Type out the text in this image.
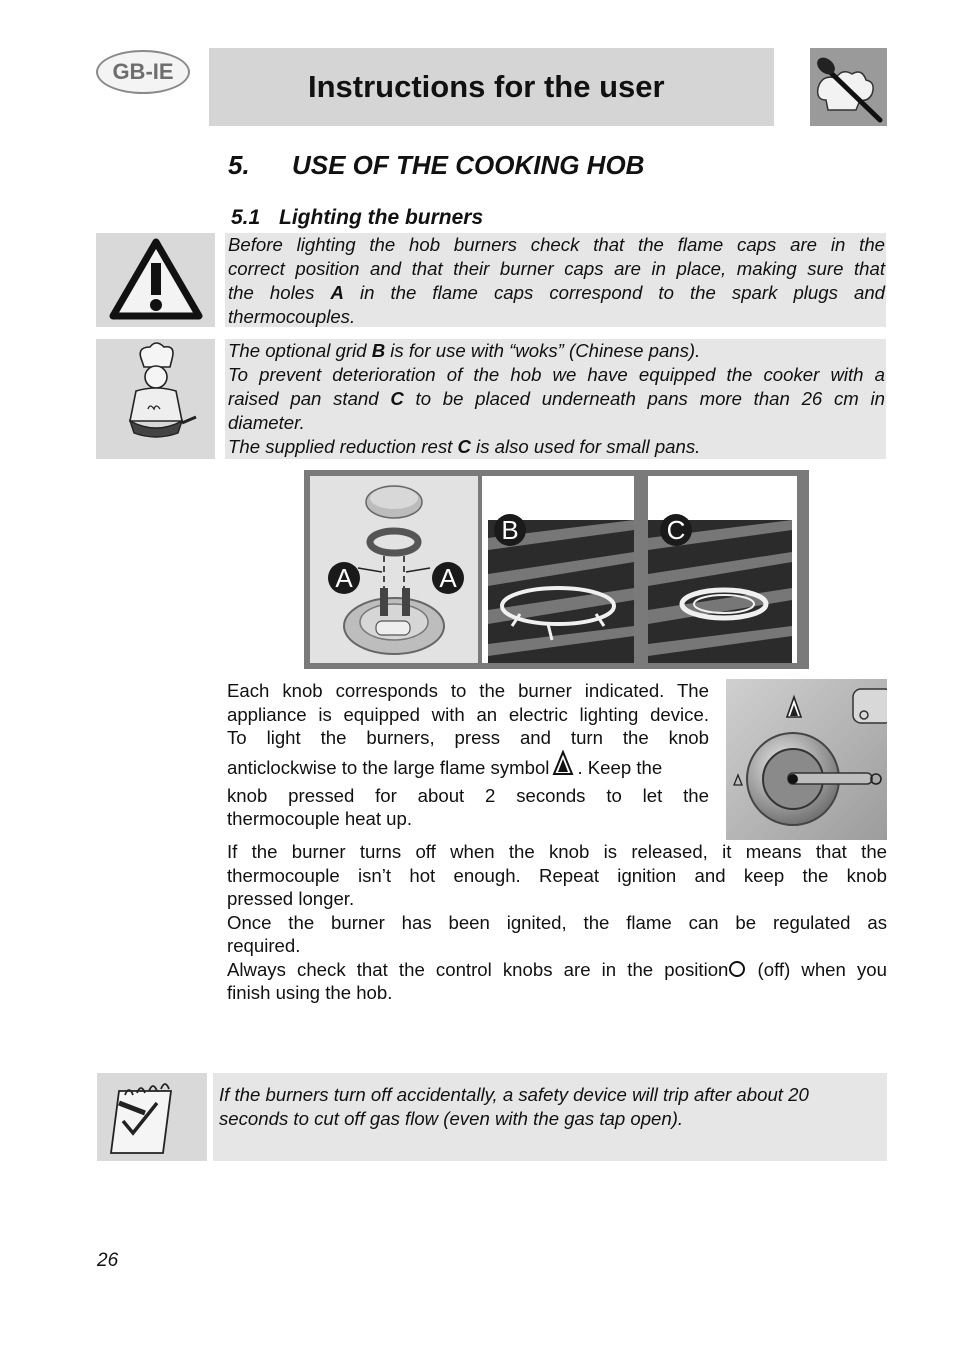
GB-IE	Instructions for the user
5. USE OF THE COOKING HOB
5.1 Lighting the burners

Before lighting the hob burners check that the flame caps are in the

correct position and that their burner caps are in place, making sure that

the holes A in the flame caps correspond to the spark plugs and

thermocouples.

The optional grid B is for use with “woks” (Chinese pans).

To prevent deterioration of the hob we have equipped the cooker with a

raised pan stand C to be placed underneath pans more than 26 cm in

diameter.

The supplied reduction rest C is also used for small pans.

A	A
B	C

Each knob corresponds to the burner indicated. The

appliance is equipped with an electric lighting device.

To light the burners, press and turn the knob

anticlockwise to the large flame symbol . Keep the

knob pressed for about 2 seconds to let the

thermocouple heat up.

If the burner turns off when the knob is released, it means that the

thermocouple isn’t hot enough. Repeat ignition and keep the knob

pressed longer.

Once the burner has been ignited, the flame can be regulated as

required.

Always check that the control knobs are in the position (off) when you

finish using the hob.

If the burners turn off accidentally, a safety device will trip after about 20

seconds to cut off gas flow (even with the gas tap open).

26
